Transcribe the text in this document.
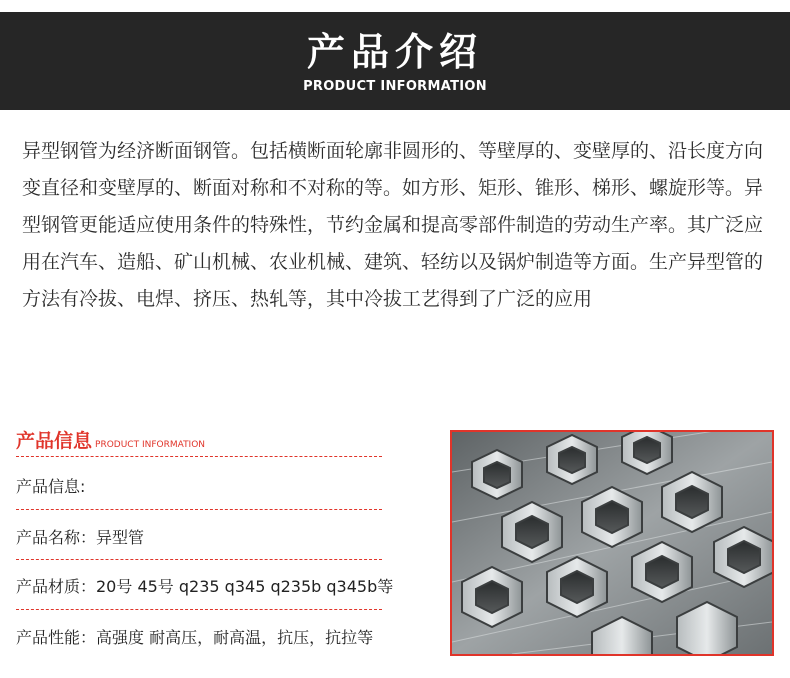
产品介绍
PRODUCT INFORMATION

异型钢管为经济断面钢管。包括横断面轮廓非圆形的、等壁厚的、变壁厚的、沿长度方向变直径和变壁厚的、断面对称和不对称的等。如方形、矩形、锥形、梯形、螺旋形等。异型钢管更能适应使用条件的特殊性，节约金属和提高零部件制造的劳动生产率。其广泛应用在汽车、造船、矿山机械、农业机械、建筑、轻纺以及锅炉制造等方面。生产异型管的方法有冷拔、电焊、挤压、热轧等，其中冷拔工艺得到了广泛的应用

产品信息 PRODUCT INFORMATION
产品信息:
产品名称：异型管
产品材质：20号 45号 q235 q345 q235b q345b等
产品性能：高强度 耐高压，耐高温，抗压，抗拉等
